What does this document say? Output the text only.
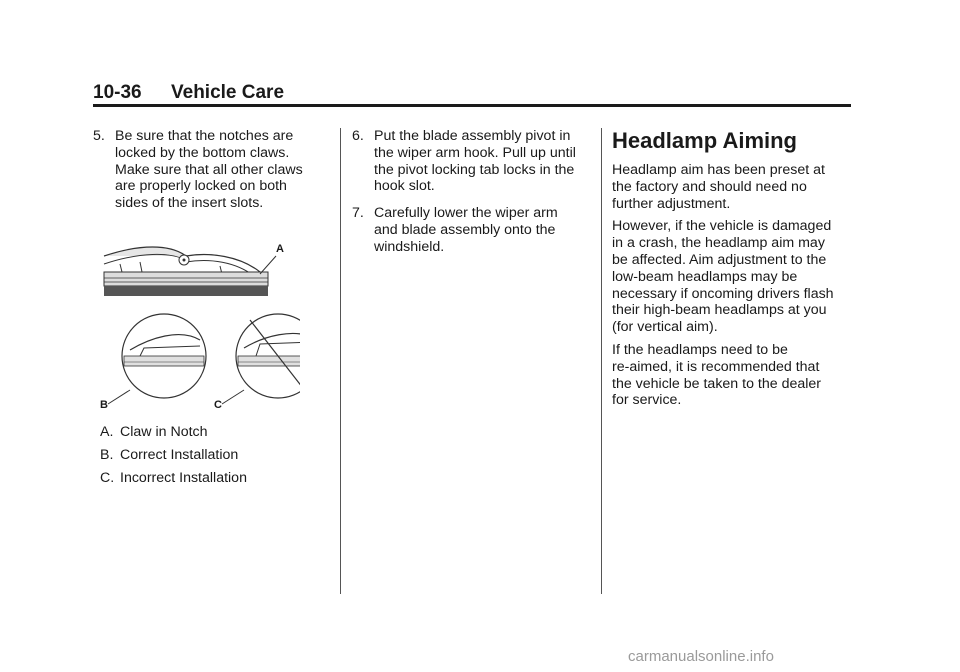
10-36 Vehicle Care
5. Be sure that the notches are
locked by the bottom claws.
Make sure that all other claws
are properly locked on both
sides of the insert slots.
A
B	C
A. Claw in Notch
B. Correct Installation
C. Incorrect Installation
6. Put the blade assembly pivot in
the wiper arm hook. Pull up until
the pivot locking tab locks in the
hook slot.
7. Carefully lower the wiper arm
and blade assembly onto the
windshield.
Headlamp Aiming
Headlamp aim has been preset at
the factory and should need no
further adjustment.
However, if the vehicle is damaged
in a crash, the headlamp aim may
be affected. Aim adjustment to the
low-beam headlamps may be
necessary if oncoming drivers flash
their high-beam headlamps at you
(for vertical aim).
If the headlamps need to be
re-aimed, it is recommended that
the vehicle be taken to the dealer
for service.
carmanualsonline.info
